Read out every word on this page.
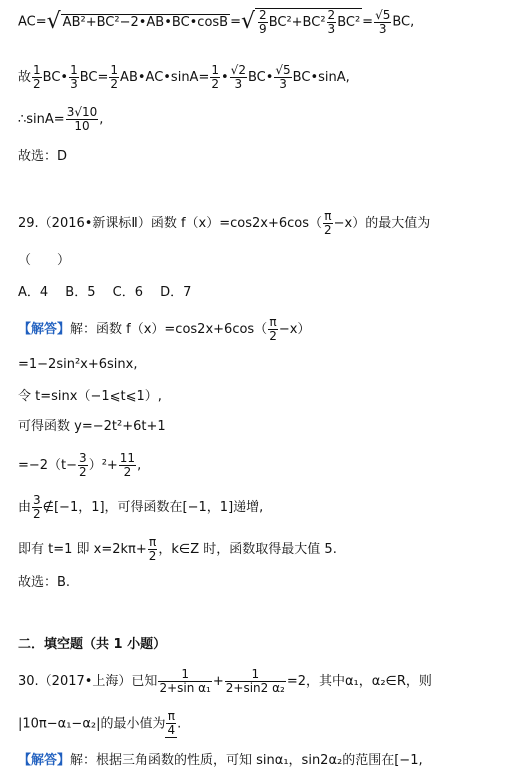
AC=√ AB²+BC²−2•AB•BC•cosB =√ $\frac{2}{9} BC^2+BC^2 \frac{2}{3} BC^2 = \frac{√5}{3}$ BC,
故 $\frac{1}{2}$ BC• $\frac{1}{3} BC= \frac{1}{2}$ AB•AC•sinA= $\frac{1}{2}$ • $\frac{√2}{3}$ BC• $\frac{√5}{3}$ BC•sinA,
∴sinA= $\frac{3√10}{10}$ ,
故选：D
29.（2016•新课标Ⅱ）函数 $f(x)=\cos 2x+6\cos( \frac{\pi}{2} -x)$的最大值为
（　　）
A．4　 B．5　 C．6　 D．7
【解答】解：函数 $f(x)=\cos 2x+6\cos( \frac{\pi}{2} -x)$
=1−2sin²x+6sinx,
令 t=sinx（−1⩽t⩽1）,
可得函数 y=−2t²+6t+1
$=-2(t- \frac{3}{2} )^2+ \frac{11}{2}$ ,
由 $\frac{3}{2}$ ∉[−1，1]，可得函数在[−1，1]递增,
即有 t=1 即 $x=2k\pi+ \frac{\pi}{2}$ ，k∈Z 时，函数取得最大值 5.
故选：B.
二．填空题（共 1 小题）
30.（2017•上海）已知 $\frac{1}{\text{2+sin α₁}} + \frac{1}{\text{2+sin2 α₂}} =2$，其中α₁，α₂∈R，则
|10π−α₁−α₂|的最小值为 $\frac{\pi}{4}$ .
【解答】解：根据三角函数的性质，可知 sinα₁，sin2α₂的范围在[−1,
